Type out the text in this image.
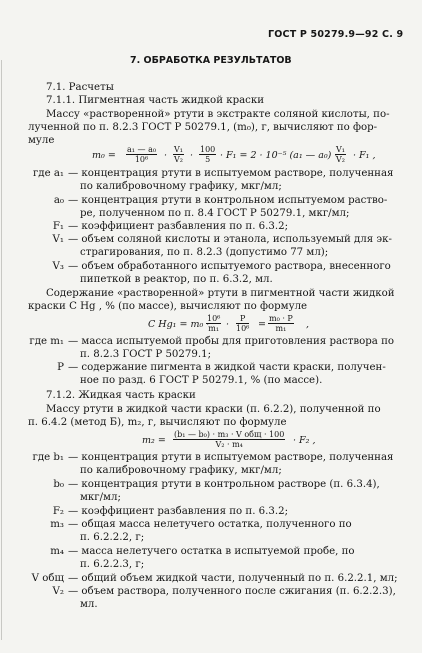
ГОСТ Р 50279.9—92 С. 9
7. ОБРАБОТКА РЕЗУЛЬТАТОВ
7.1. Расчеты
7.1.1. Пигментная часть жидкой краски
Массу «растворенной» ртути в экстракте соляной кислоты, по-
лученной по п. 8.2.3 ГОСТ Р 50279.1, (m₀), г, вычисляют по фор-
муле
$m_0 = \frac{\text{a₁ — a₀}}{\text{10⁶}} \cdot \frac{\text{V₁}}{\text{V₂}} \cdot \frac{100}{5} \cdot F_1 = 2 \cdot 10^{-5}$ (a₁ — a₀) ·
$\frac{\text{V₁}}{\text{V₂}} \cdot F_1$ ,
где a₁ — концентрация ртути в испытуемом растворе, полученная
по калибровочному графику, мкг/мл;
a₀ — концентрация ртути в контрольном испытуемом раство-
ре, полученном по п. 8.4 ГОСТ Р 50279.1, мкг/мл;
F₁ — коэффициент разбавления по п. 6.3.2;
V₁ — объем соляной кислоты и этанола, используемый для эк-
страгирования, по п. 8.2.3 (допустимо 77 мл);
V₃ — объем обработанного испытуемого раствора, внесенного
пипеткой в реактор, по п. 6.3.2, мл.
Содержание «растворенной» ртути в пигментной части жидкой
краски C Hg , % (по массе), вычисляют по формуле
C Hg₁ = m₀ ·
$\frac{\text{10⁶}}{\text{m₁}} \cdot \frac{P}{\text{10⁶}} = \frac{\text{m₀ · P}}{\text{m₁}}$ ,
где m₁ — масса испытуемой пробы для приготовления раствора по
п. 8.2.3 ГОСТ Р 50279.1;
P — содержание пигмента в жидкой части краски, получен-
ное по разд. 6 ГОСТ Р 50279.1, % (по массе).
7.1.2. Жидкая часть краски
Массу ртути в жидкой части краски (п. 6.2.2), полученной по
п. 6.4.2 (метод Б), m₂, г, вычисляют по формуле
m₂ =
(b₁ — b₀) · m₃ · V общ · 100
V₂ · m₄	· F₂ ,
где b₁ — концентрация ртути в испытуемом растворе, полученная
по калибровочному графику, мкг/мл;
b₀ — концентрация ртути в контрольном растворе (п. 6.3.4),
мкг/мл;
F₂ — коэффициент разбавления по п. 6.3.2;
m₃ — общая масса нелетучего остатка, полученного по
п. 6.2.2.2, г;
m₄ — масса нелетучего остатка в испытуемой пробе, по
п. 6.2.2.3, г;
V общ — общий объем жидкой части, полученный по п. 6.2.2.1, мл;
V₂ — объем раствора, полученного после сжигания (п. 6.2.2.3),
мл.
